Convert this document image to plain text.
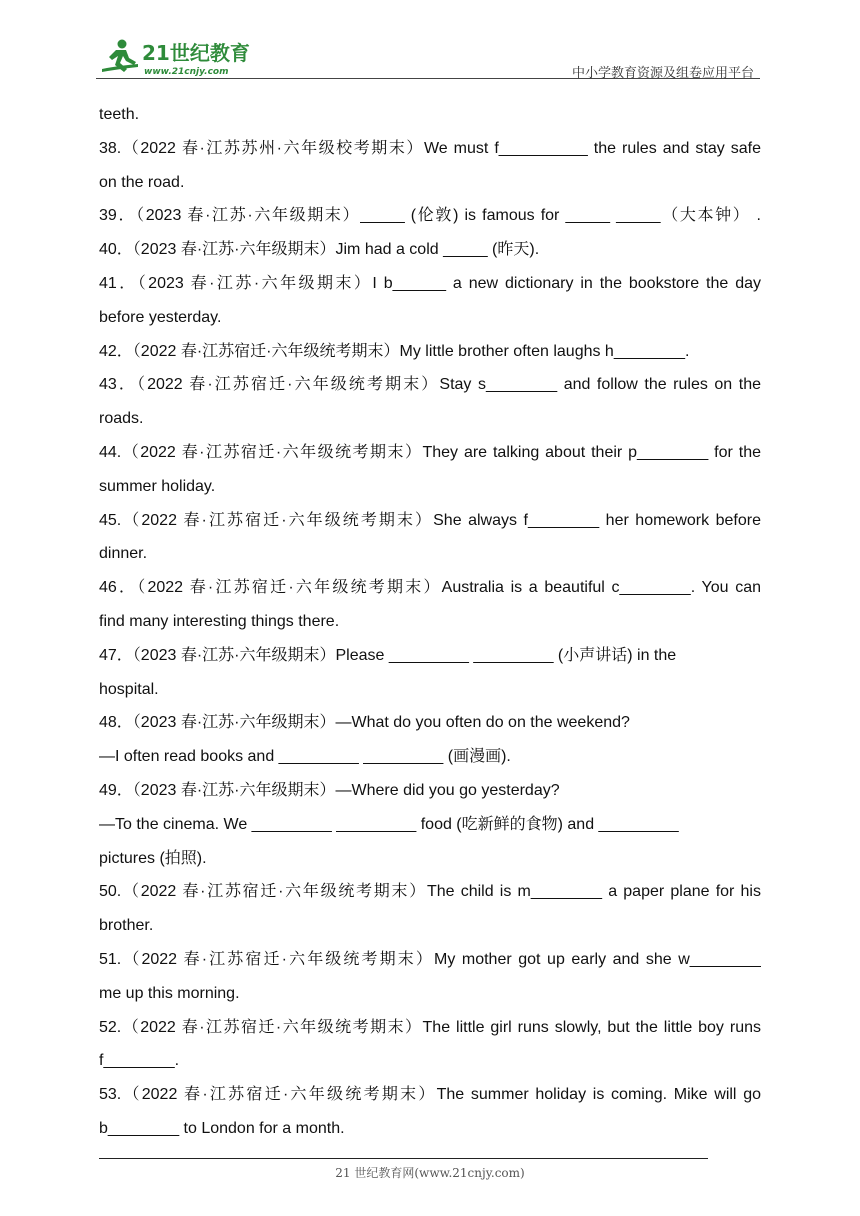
21世纪教育
www.21cnjy.com	中小学教育资源及组卷应用平台
teeth.
38.（2022 春·江苏苏州·六年级校考期末）We must f__________ the rules and stay safe
on the road.
39．（2023 春·江苏·六年级期末）_____ (伦敦) is famous for _____ _____（大本钟） .
40．（2023 春·江苏·六年级期末）Jim had a cold _____ (昨天).
41．（2023 春·江苏·六年级期末）I b______ a new dictionary in the bookstore the day
before yesterday.
42．（2022 春·江苏宿迁·六年级统考期末）My little brother often laughs h________.
43．（2022 春·江苏宿迁·六年级统考期末）Stay s________ and follow the rules on the
roads.
44.（2022 春·江苏宿迁·六年级统考期末）They are talking about their p________ for the
summer holiday.
45.（2022 春·江苏宿迁·六年级统考期末）She always f________ her homework before
dinner.
46．（2022 春·江苏宿迁·六年级统考期末）Australia is a beautiful c________. You can
find many interesting things there.
47．（2023 春·江苏·六年级期末）Please _________ _________ (小声讲话) in the
hospital.
48．（2023 春·江苏·六年级期末）—What do you often do on the weekend?
—I often read books and _________ _________ (画漫画).
49．（2023 春·江苏·六年级期末）—Where did you go yesterday?
—To the cinema. We _________ _________ food (吃新鲜的食物) and _________
pictures (拍照).
50.（2022 春·江苏宿迁·六年级统考期末）The child is m________ a paper plane for his
brother.
51.（2022 春·江苏宿迁·六年级统考期末）My mother got up early and she w________
me up this morning.
52.（2022 春·江苏宿迁·六年级统考期末）The little girl runs slowly, but the little boy runs
f________.
53.（2022 春·江苏宿迁·六年级统考期末）The summer holiday is coming. Mike will go
b________ to London for a month.
21 世纪教育网(www.21cnjy.com)
